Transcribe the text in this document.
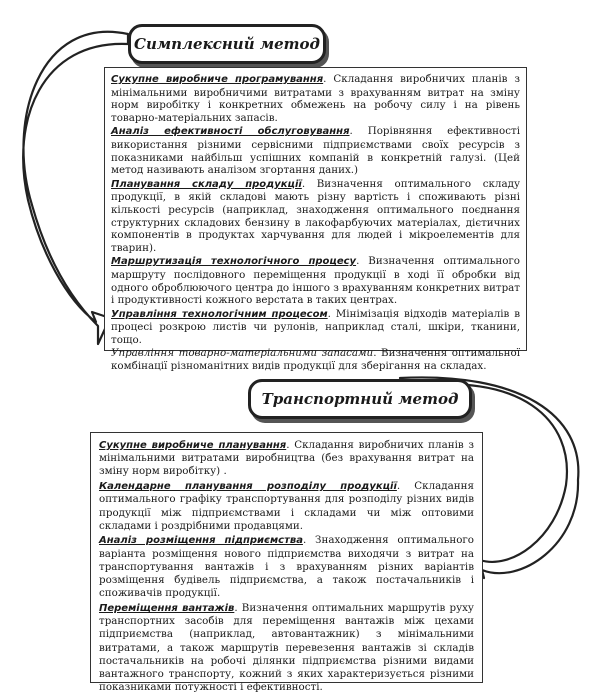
Симплексний метод
Сукупне виробниче програмування. Складання виробничих планів з мінімальними виробничими витратами з врахуванням витрат на зміну норм виробітку і конкретних обмежень на робочу силу і на рівень товарно-матеріальних запасів.
Аналіз ефективності обслуговування. Порівняння ефективності використання різними сервісними підприємствами своїх ресурсів з показниками найбільш успішних компаній в конкретній галузі. (Цей метод називають аналізом згортання даних.)
Планування складу продукції. Визначення оптимального складу продукції, в якій складові мають різну вартість і споживають різні кількості ресурсів (наприклад, знаходження оптимального поєднання структурних складових бензину в лакофарбуючих матеріалах, дієтичних компонентів в продуктах харчування для людей і мікроелементів для тварин).
Маршрутизація технологічного процесу. Визначення оптимального маршруту послідовного переміщення продукції в ході її обробки від одного оброблюючого центра до іншого з врахуванням конкретних витрат і продуктивності кожного верстата в таких центрах.
Управління технологічним процесом. Мінімізація відходів матеріалів в процесі розкрою листів чи рулонів, наприклад сталі, шкіри, тканини, тощо.
Управління товарно-матеріальними запасами. Визначення оптимальної комбінації різноманітних видів продукції для зберігання на складах.
Транспортний метод
Сукупне виробниче планування. Складання виробничих планів з мінімальними витратами виробництва (без врахування витрат на зміну норм виробітку) .
Календарне планування розподілу продукції. Складання оптимального графіку транспортування для розподілу різних видів продукції між підприємствами і складами чи між оптовими складами і роздрібними продавцями.
Аналіз розміщення підприємства. Знаходження оптимального варіанта розміщення нового підприємства виходячи з витрат на транспортування вантажів і з врахуванням різних варіантів розміщення будівель підприємства, а також постачальників і споживачів продукції.
Переміщення вантажів. Визначення оптимальних маршрутів руху транспортних засобів для переміщення вантажів між цехами підприємства (наприклад, автовантажник) з мінімальними витратами, а також маршрутів перевезення вантажів зі складів постачальників на робочі ділянки підприємства різними видами вантажного транспорту, кожний з яких характеризується різними показниками потужності і ефективності.
